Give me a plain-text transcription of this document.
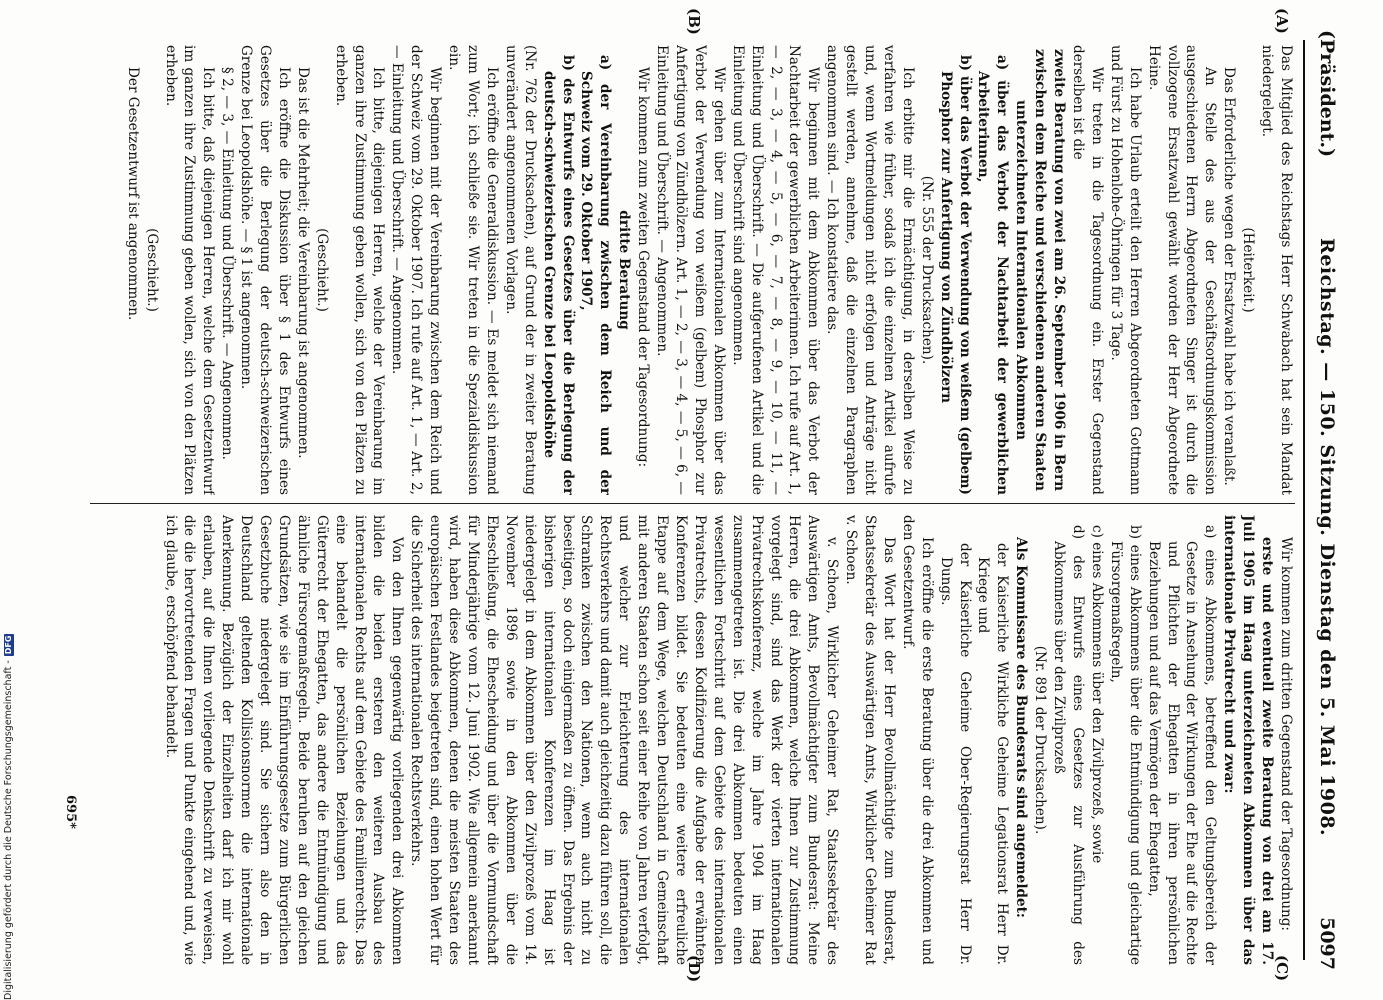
(Präsident.)
Reichstag. — 150. Sitzung. Dienstag den 5. Mai 1908.
5097
(A)
(B)
(C)
(D)

Das Mitglied des Reichstags Herr Schwabach hat sein Mandat niedergelegt.

(Heiterkeit.)

Das Erforderliche wegen der Ersatzwahl habe ich veranlaßt.

An Stelle des aus der Geschäftsordnungskommission ausgeschiedenen Herrn Abgeordneten Singer ist durch die vollzogene Ersatzwahl gewählt worden der Herr Abgeordnete Heine.

Ich habe Urlaub erteilt den Herren Abgeordneten Gottmann und Fürst zu Hohenlohe-Öhringen für 3 Tage.

Wir treten in die Tagesordnung ein. Erster Gegenstand derselben ist die

zweite Beratung von zwei am 26. September 1906 in Bern zwischen dem Reiche und verschiedenen anderen Staaten unterzeichneten Internationalen Abkommen

a) über das Verbot der Nachtarbeit der gewerblichen Arbeiterinnen,

b) über das Verbot der Verwendung von weißem (gelbem) Phosphor zur Anfertigung von Zündhölzern

(Nr. 555 der Drucksachen).

Ich erbitte mir die Ermächtigung, in derselben Weise zu verfahren wie früher, sodaß ich die einzelnen Artikel aufrufe und, wenn Wortmeldungen nicht erfolgen und Anträge nicht gestellt werden, annehme, daß die einzelnen Paragraphen angenommen sind. — Ich konstatiere das.

Wir beginnen mit dem Abkommen über das Verbot der Nachtarbeit der gewerblichen Arbeiterinnen. Ich rufe auf Art. 1, — 2, — 3, — 4, — 5, — 6, — 7, — 8, — 9, — 10, — 11, — Einleitung und Überschrift. — Die aufgerufenen Artikel und die Einleitung und Überschrift sind angenommen.

Wir gehen über zum Internationalen Abkommen über das Verbot der Verwendung von weißem (gelbem) Phosphor zur Anfertigung von Zündhölzern. Art. 1, — 2, — 3, — 4, — 5, — 6, — Einleitung und Überschrift. — Angenommen.

Wir kommen zum zweiten Gegenstand der Tagesordnung:

dritte Beratung

a) der Vereinbarung zwischen dem Reich und der Schweiz vom 29. Oktober 1907,

b) des Entwurfs eines Gesetzes über die Berlegung der deutsch-schweizerischen Grenze bei Leopoldshöhe

(Nr. 762 der Drucksachen), auf Grund der in zweiter Beratung unverändert angenommenen Vorlagen.

Ich eröffne die Generaldiskussion. — Es meldet sich niemand zum Wort; ich schließe sie. Wir treten in die Spezialdiskussion ein.

Wir beginnen mit der Vereinbarung zwischen dem Reich und der Schweiz vom 29. Oktober 1907. Ich rufe auf Art. 1, — Art. 2, — Einleitung und Überschrift. — Angenommen.

Ich bitte, diejenigen Herren, welche der Vereinbarung im ganzen ihre Zustimmung geben wollen, sich von den Plätzen zu erheben.

(Geschieht.)

Das ist die Mehrheit; die Vereinbarung ist angenommen.

Ich eröffne die Diskussion über § 1 des Entwurfs eines Gesetzes über die Berlegung der deutsch-schweizerischen Grenze bei Leopoldshöhe. — § 1 ist angenommen.

§ 2, — 3, — Einleitung und Überschrift. — Angenommen.

Ich bitte, daß diejenigen Herren, welche dem Gesetzentwurf im ganzen ihre Zustimmung geben wollen, sich von den Plätzen erheben.

(Geschieht.)

Der Gesetzentwurf ist angenommen.

Wir kommen zum dritten Gegenstand der Tagesordnung:

erste und eventuell zweite Beratung von drei am 17. Juli 1905 im Haag unterzeichneten Abkommen über das internationale Privatrecht und zwar:

a) eines Abkommens, betreffend den Geltungsbereich der Gesetze in Ansehung der Wirkungen der Ehe auf die Rechte und Pflichten der Ehegatten in ihren persönlichen Beziehungen und auf das Vermögen der Ehegatten,

b) eines Abkommens über die Entmündigung und gleichartige Fürsorgemaßregeln,

c) eines Abkommens über den Zivilprozeß, sowie

d) des Entwurfs eines Gesetzes zur Ausführung des Abkommens über den Zivilprozeß

(Nr. 891 der Drucksachen).

Als Kommissare des Bundesrats sind angemeldet:

der Kaiserliche Wirkliche Geheime Legationsrat Herr Dr. Kriege und

der Kaiserliche Geheime Ober-Regierungsrat Herr Dr. Dungs.

Ich eröffne die erste Beratung über die drei Abkommen und den Gesetzentwurf.

Das Wort hat der Herr Bevollmächtigte zum Bundesrat, Staatssekretär des Auswärtigen Amts, Wirklicher Geheimer Rat v. Schoen.

v. Schoen, Wirklicher Geheimer Rat, Staatssekretär des Auswärtigen Amts, Bevollmächtigter zum Bundesrat: Meine Herren, die drei Abkommen, welche Ihnen zur Zustimmung vorgelegt sind, sind das Werk der vierten internationalen Privatrechtskonferenz, welche im Jahre 1904 im Haag zusammengetreten ist. Die drei Abkommen bedeuten einen wesentlichen Fortschritt auf dem Gebiete des internationalen Privatrechts, dessen Kodifizierung die Aufgabe der erwähnten Konferenzen bildet. Sie bedeuten eine weitere erfreuliche Etappe auf dem Wege, welchen Deutschland in Gemeinschaft mit anderen Staaten schon seit einer Reihe von Jahren verfolgt, und welcher zur Erleichterung des internationalen Rechtsverkehrs und damit auch gleichzeitig dazu führen soll, die Schranken zwischen den Nationen, wenn auch nicht zu beseitigen, so doch einigermaßen zu öffnen. Das Ergebnis der bisherigen internationalen Konferenzen im Haag ist niedergelegt in dem Abkommen über den Zivilprozeß vom 14. November 1896 sowie in den Abkommen über die Eheschließung, die Ehescheidung und über die Vormundschaft für Minderjährige vom 12. Juni 1902. Wie allgemein anerkannt wird, haben diese Abkommen, denen die meisten Staaten des europäischen Festlandes beigetreten sind, einen hohen Wert für die Sicherheit des internationalen Rechtsverkehrs.

Von den Ihnen gegenwärtig vorliegenden drei Abkommen bilden die beiden ersteren den weiteren Ausbau des internationalen Rechts auf dem Gebiete des Familienrechts. Das eine behandelt die persönlichen Beziehungen und das Güterrecht der Ehegatten, das andere die Entmündigung und ähnliche Fürsorgemaßregeln. Beide beruhen auf den gleichen Grundsätzen, wie sie im Einführungsgesetze zum Bürgerlichen Gesetzbuche niedergelegt sind. Sie sichern also den in Deutschland geltenden Kollisionsnormen die internationale Anerkennung. Bezüglich der Einzelheiten darf ich mir wohl erlauben, auf die Ihnen vorliegende Denkschrift zu verweisen, die die hervortretenden Fragen und Punkte eingehend und, wie ich glaube, erschöpfend behandelt.

695*
Digitalisierung gefördert durch die Deutsche Forschungsgemeinschaft -
DFG
